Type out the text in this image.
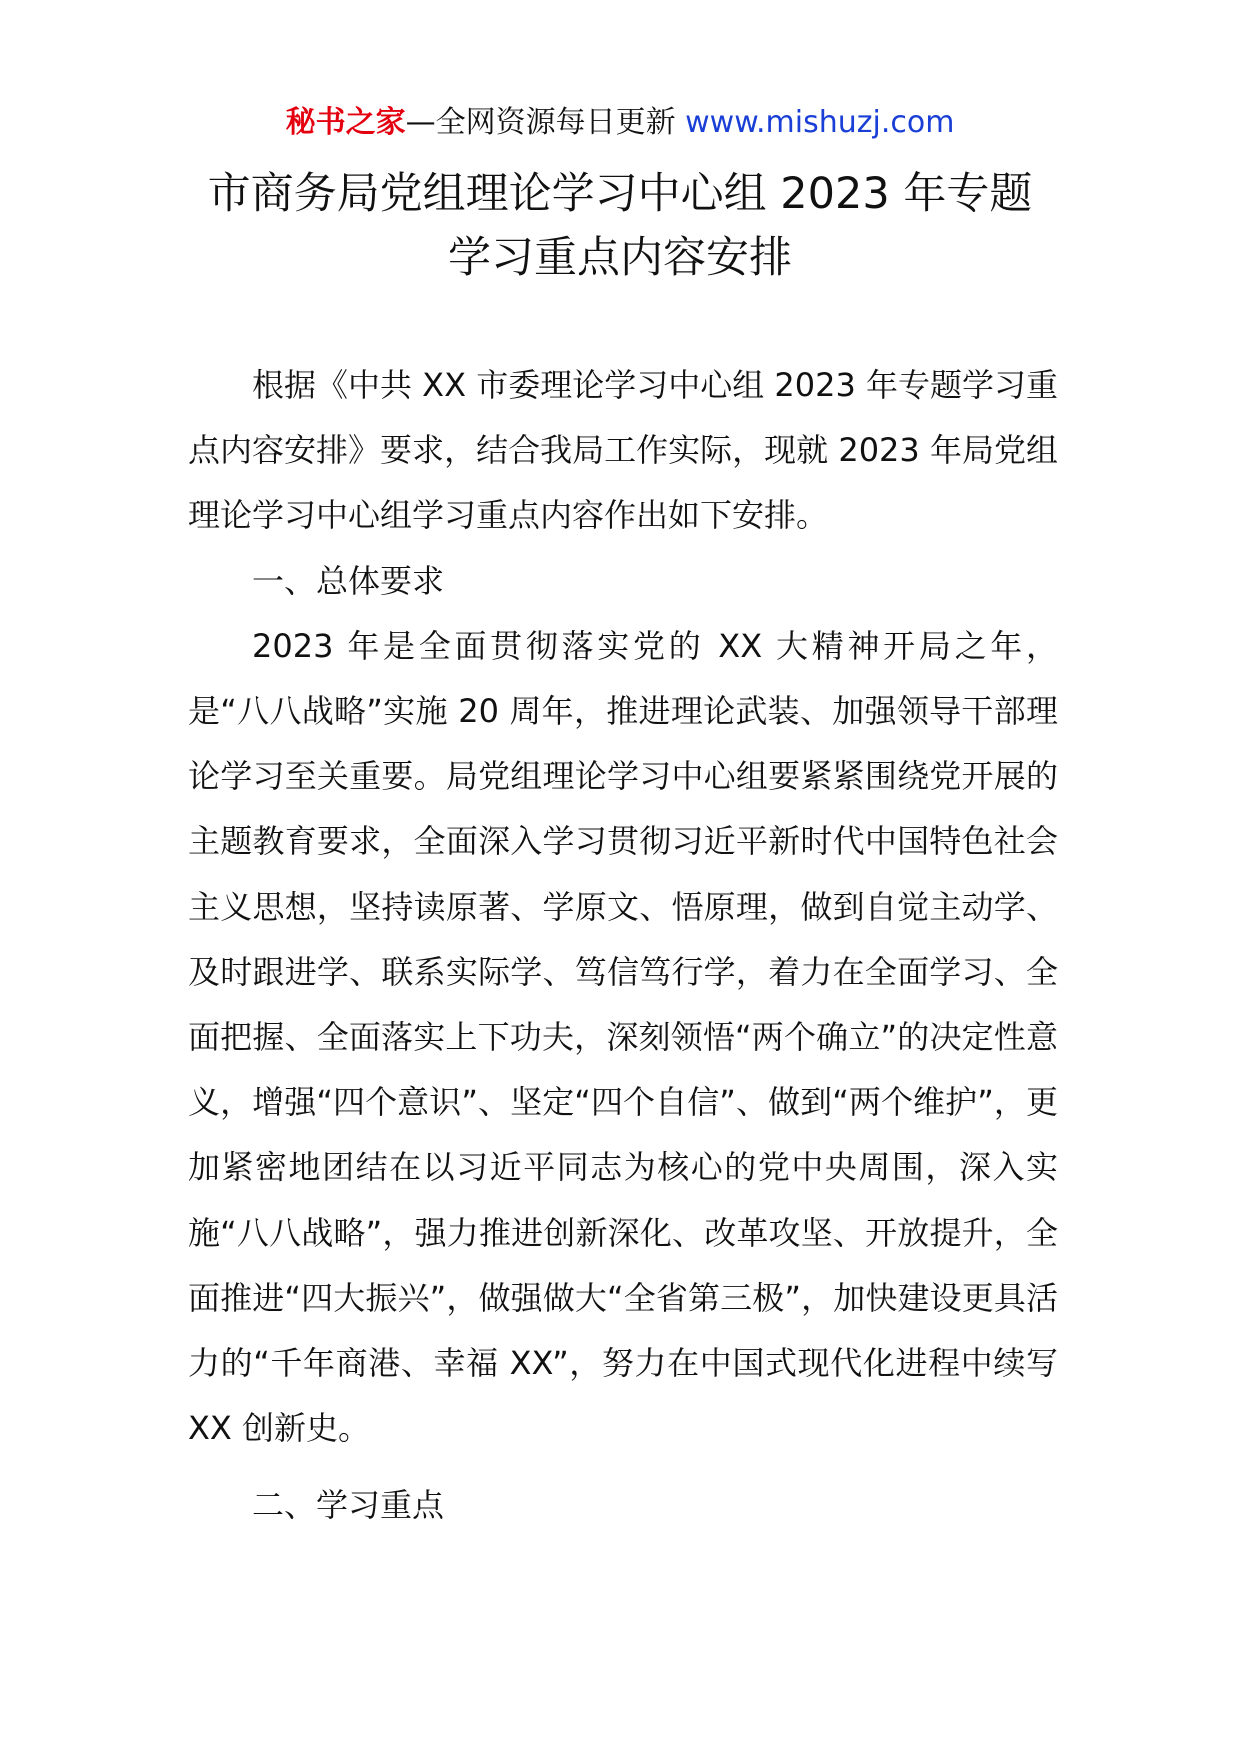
秘书之家—全网资源每日更新 www.mishuzj.com
市商务局党组理论学习中心组 2023 年专题
学习重点内容安排

根据《中共 XX 市委理论学习中心组 2023 年专题学习重点内容安排》要求，结合我局工作实际，现就 2023 年局党组理论学习中心组学习重点内容作出如下安排。

一、总体要求

2023 年是全面贯彻落实党的 XX 大精神开局之年，是“八八战略”实施 20 周年，推进理论武装、加强领导干部理论学习至关重要。局党组理论学习中心组要紧紧围绕党开展的主题教育要求，全面深入学习贯彻习近平新时代中国特色社会主义思想，坚持读原著、学原文、悟原理，做到自觉主动学、及时跟进学、联系实际学、笃信笃行学，着力在全面学习、全面把握、全面落实上下功夫，深刻领悟“两个确立”的决定性意义，增强“四个意识”、坚定“四个自信”、做到“两个维护”，更加紧密地团结在以习近平同志为核心的党中央周围，深入实施“八八战略”，强力推进创新深化、改革攻坚、开放提升，全面推进“四大振兴”，做强做大“全省第三极”，加快建设更具活力的“千年商港、幸福 XX”，努力在中国式现代化进程中续写 XX 创新史。

二、学习重点
